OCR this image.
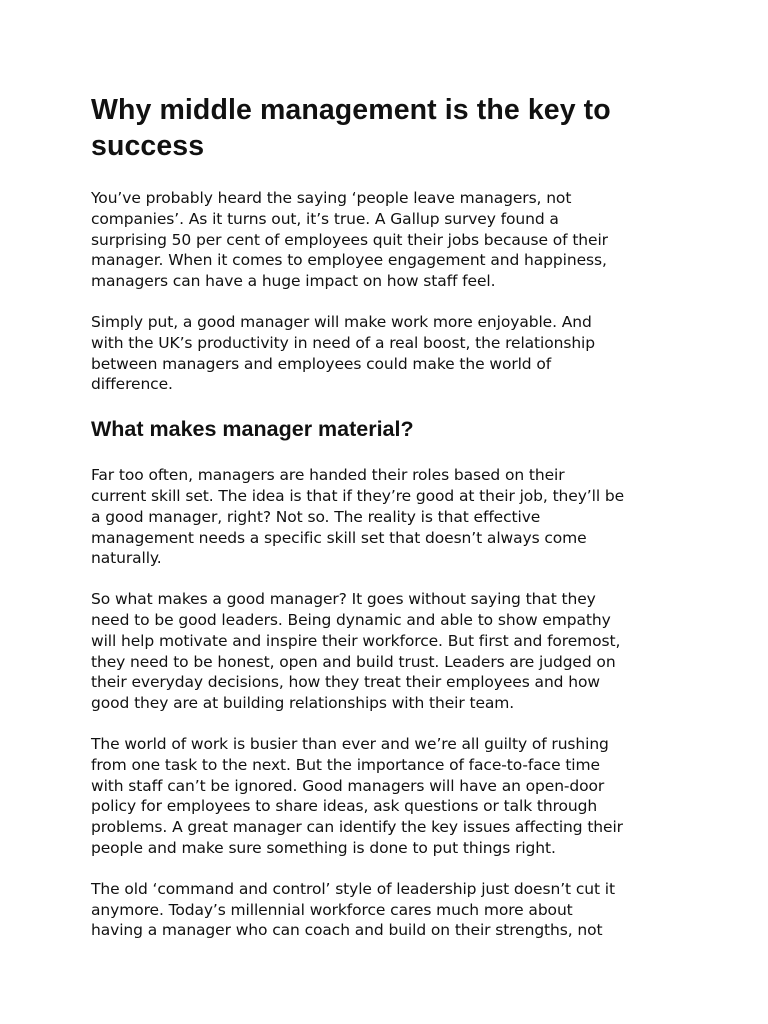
Why middle management is the key to
success

You’ve probably heard the saying ‘people leave managers, not
companies’. As it turns out, it’s true. A Gallup survey found a
surprising 50 per cent of employees quit their jobs because of their
manager. When it comes to employee engagement and happiness,
managers can have a huge impact on how staff feel.

Simply put, a good manager will make work more enjoyable. And
with the UK’s productivity in need of a real boost, the relationship
between managers and employees could make the world of
difference.

What makes manager material?

Far too often, managers are handed their roles based on their
current skill set. The idea is that if they’re good at their job, they’ll be
a good manager, right? Not so. The reality is that effective
management needs a specific skill set that doesn’t always come
naturally.

So what makes a good manager? It goes without saying that they
need to be good leaders. Being dynamic and able to show empathy
will help motivate and inspire their workforce. But first and foremost,
they need to be honest, open and build trust. Leaders are judged on
their everyday decisions, how they treat their employees and how
good they are at building relationships with their team.

The world of work is busier than ever and we’re all guilty of rushing
from one task to the next. But the importance of face-to-face time
with staff can’t be ignored. Good managers will have an open-door
policy for employees to share ideas, ask questions or talk through
problems. A great manager can identify the key issues affecting their
people and make sure something is done to put things right.

The old ‘command and control’ style of leadership just doesn’t cut it
anymore. Today’s millennial workforce cares much more about
having a manager who can coach and build on their strengths, not
